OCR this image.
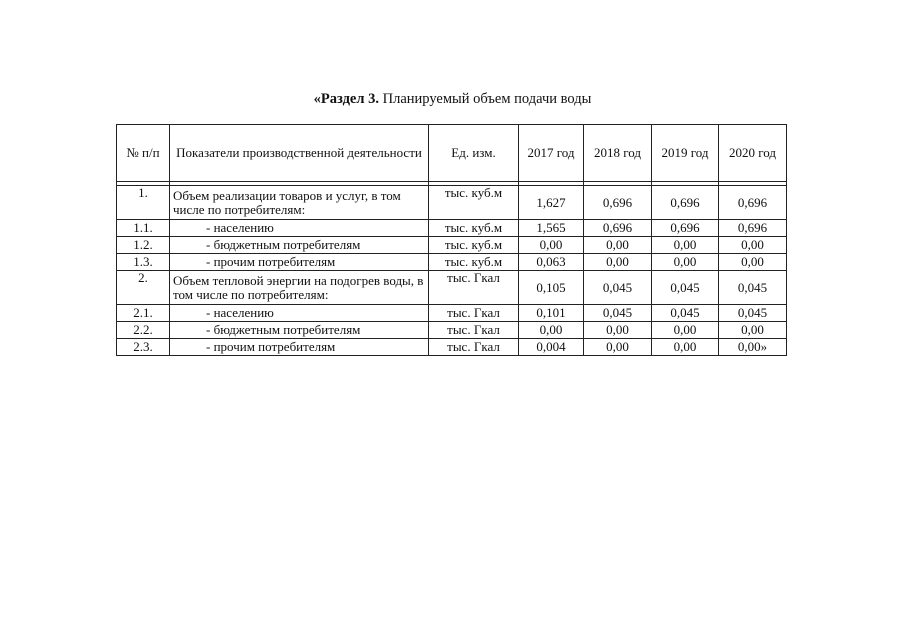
«Раздел 3. Планируемый объем подачи воды
№ п/п	Показатели производственной деятельности	Ед. изм.	2017 год	2018 год	2019 год	2020 год

1.	Объем реализации товаров и услуг, в том числе по потребителям:	тыс. куб.м	1,627	0,696	0,696	0,696
1.1.	- населению	тыс. куб.м	1,565	0,696	0,696	0,696
1.2.	- бюджетным потребителям	тыс. куб.м	0,00	0,00	0,00	0,00
1.3.	- прочим потребителям	тыс. куб.м	0,063	0,00	0,00	0,00
2.	Объем тепловой энергии на подогрев воды, в том числе по потребителям:	тыс. Гкал	0,105	0,045	0,045	0,045
2.1.	- населению	тыс. Гкал	0,101	0,045	0,045	0,045
2.2.	- бюджетным потребителям	тыс. Гкал	0,00	0,00	0,00	0,00
2.3.	- прочим потребителям	тыс. Гкал	0,004	0,00	0,00	0,00»
